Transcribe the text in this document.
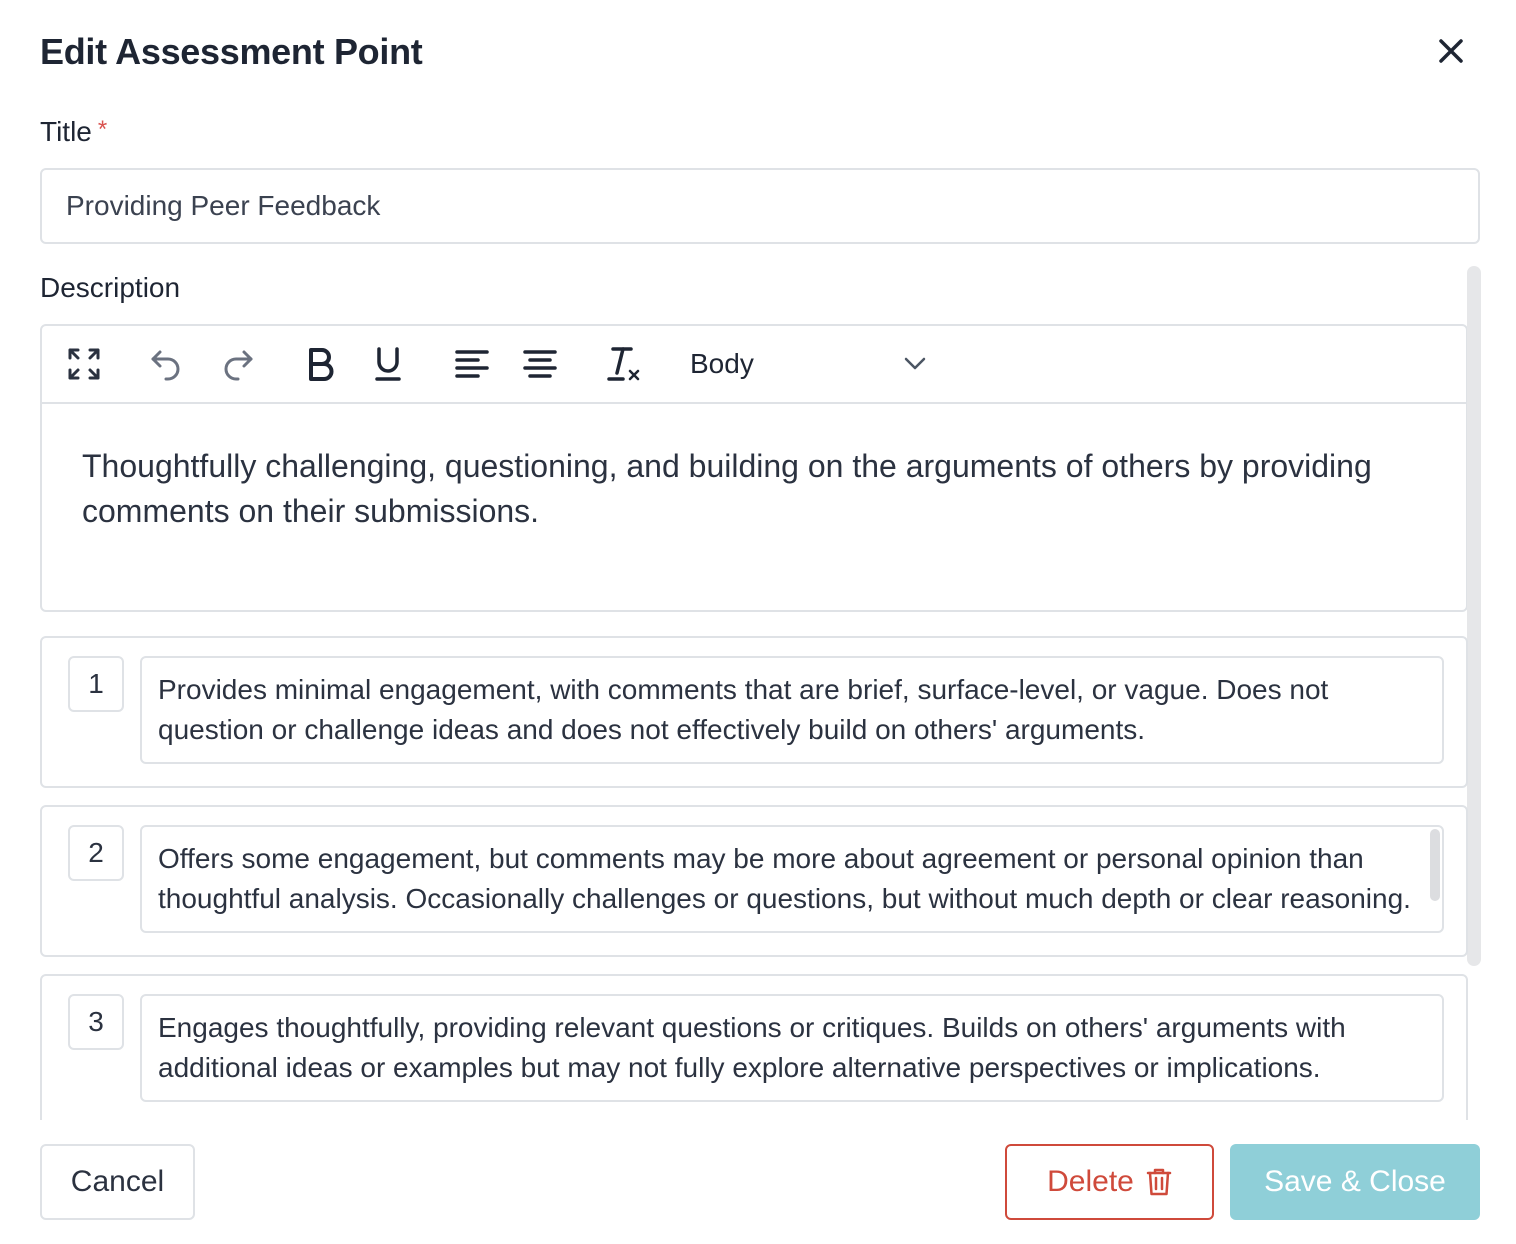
Edit Assessment Point
Title *
Providing Peer Feedback
Description
Body
Thoughtfully challenging, questioning, and building on the arguments of others by providing comments on their submissions.
1	Provides minimal engagement, with comments that are brief, surface-level, or vague. Does not question or challenge ideas and does not effectively build on others' arguments.
2	Offers some engagement, but comments may be more about agreement or personal opinion than thoughtful analysis. Occasionally challenges or questions, but without much depth or clear reasoning.
3	Engages thoughtfully, providing relevant questions or critiques. Builds on others' arguments with additional ideas or examples but may not fully explore alternative perspectives or implications.
Cancel	Delete	Save & Close
